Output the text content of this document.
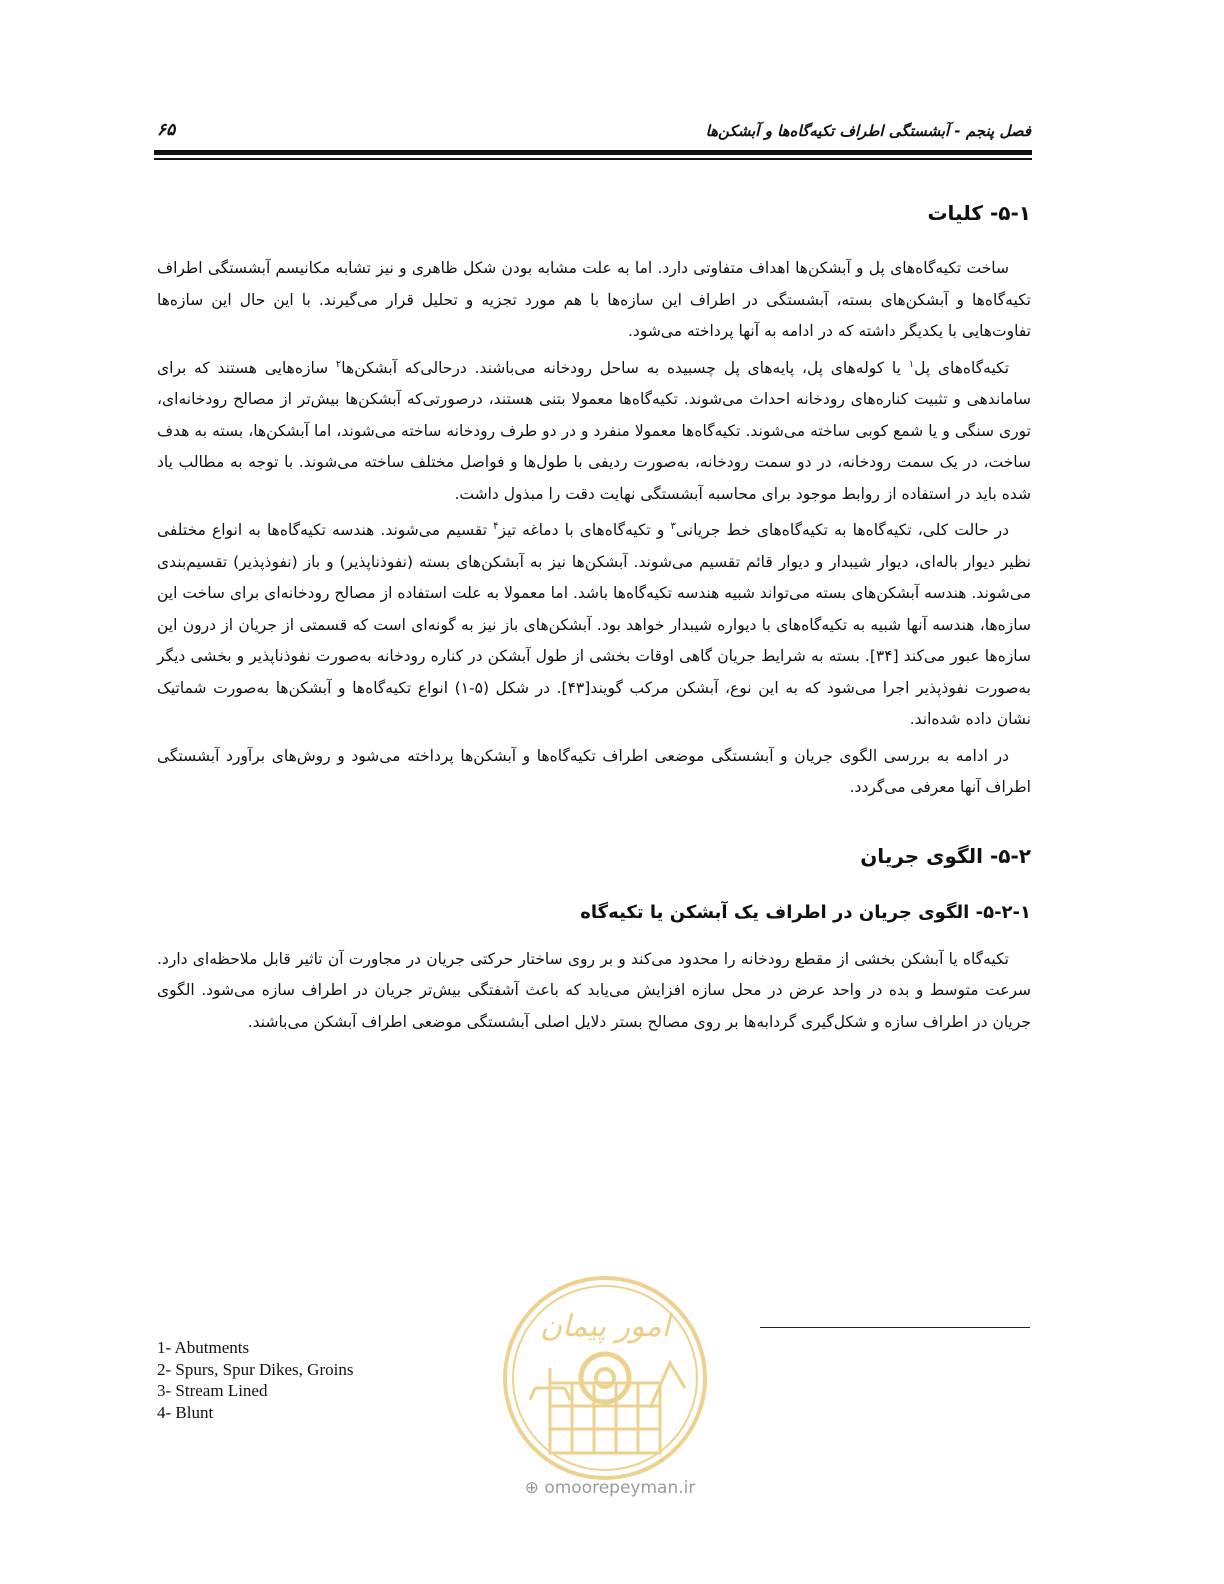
فصل پنجم - آبشستگی اطراف تکیه‌گاه‌ها و آبشکن‌ها
۶۵
۵-۱- کلیات

ساخت تکیه‌گاه‌های پل و آبشکن‌ها اهداف متفاوتی دارد. اما به علت مشابه بودن شکل ظاهری و نیز تشابه مکانیسم آبشستگی اطراف تکیه‌گاه‌ها و آبشکن‌های بسته، آبشستگی در اطراف این سازه‌ها با هم مورد تجزیه و تحلیل قرار می‌گیرند. با این حال این سازه‌ها تفاوت‌هایی با یکدیگر داشته که در ادامه به آنها پرداخته می‌شود.

تکیه‌گاه‌های پل$^۱$ یا کوله‌های پل، پایه‌های پل چسبیده به ساحل رودخانه می‌باشند. درحالی‌که آبشکن‌ها$^۲$ سازه‌هایی هستند که برای ساماندهی و تثبیت کناره‌های رودخانه احداث می‌شوند. تکیه‌گاه‌ها معمولا بتنی هستند، درصورتی‌که آبشکن‌ها بیش‌تر از مصالح رودخانه‌ای، توری سنگی و یا شمع کوبی ساخته می‌شوند. تکیه‌گاه‌ها معمولا منفرد و در دو طرف رودخانه ساخته می‌شوند، اما آبشکن‌ها، بسته به هدف ساخت، در یک سمت رودخانه، در دو سمت رودخانه، به‌صورت ردیفی با طول‌ها و فواصل مختلف ساخته می‌شوند. با توجه به مطالب یاد شده باید در استفاده از روابط موجود برای محاسبه آبشستگی نهایت دقت را مبذول داشت.

در حالت کلی، تکیه‌گاه‌ها به تکیه‌گاه‌های خط جریانی$^۳$ و تکیه‌گاه‌های با دماغه تیز$^۴$ تقسیم می‌شوند. هندسه تکیه‌گاه‌ها به انواع مختلفی نظیر دیوار باله‌ای، دیوار شیبدار و دیوار قائم تقسیم می‌شوند. آبشکن‌ها نیز به آبشکن‌های بسته (نفوذناپذیر) و باز (نفوذپذیر) تقسیم‌بندی می‌شوند. هندسه آبشکن‌های بسته می‌تواند شبیه هندسه تکیه‌گاه‌ها باشد. اما معمولا به علت استفاده از مصالح رودخانه‌ای برای ساخت این سازه‌ها، هندسه آنها شبیه به تکیه‌گاه‌های با دیواره شیبدار خواهد بود. آبشکن‌های باز نیز به گونه‌ای است که قسمتی از جریان از درون این سازه‌ها عبور می‌کند [۳۴]. بسته به شرایط جریان گاهی اوقات بخشی از طول آبشکن در کناره رودخانه به‌صورت نفوذناپذیر و بخشی دیگر به‌صورت نفوذپذیر اجرا می‌شود که به این نوع، آبشکن مرکب گویند[۴۳]. در شکل (۵-۱) انواع تکیه‌گاه‌ها و آبشکن‌ها به‌صورت شماتیک نشان داده شده‌اند.

در ادامه به بررسی الگوی جریان و آبشستگی موضعی اطراف تکیه‌گاه‌ها و آبشکن‌ها پرداخته می‌شود و روش‌های برآورد آبشستگی اطراف آنها معرفی می‌گردد.

۵-۲- الگوی جریان
۵-۲-۱- الگوی جریان در اطراف یک آبشکن یا تکیه‌گاه

تکیه‌گاه یا آبشکن بخشی از مقطع رودخانه را محدود می‌کند و بر روی ساختار حرکتی جریان در مجاورت آن تاثیر قابل ملاحظه‌ای دارد. سرعت متوسط و بده در واحد عرض در محل سازه افزایش می‌یابد که باعث آشفتگی بیش‌تر جریان در اطراف سازه می‌شود. الگوی جریان در اطراف سازه و شکل‌گیری گردابه‌ها بر روی مصالح بستر دلایل اصلی آبشستگی موضعی اطراف آبشکن می‌باشند.

1- Abutments
2- Spurs, Spur Dikes, Groins
3- Stream Lined
4- Blunt
امور پیمان
⊕ omoorepeyman.ir
